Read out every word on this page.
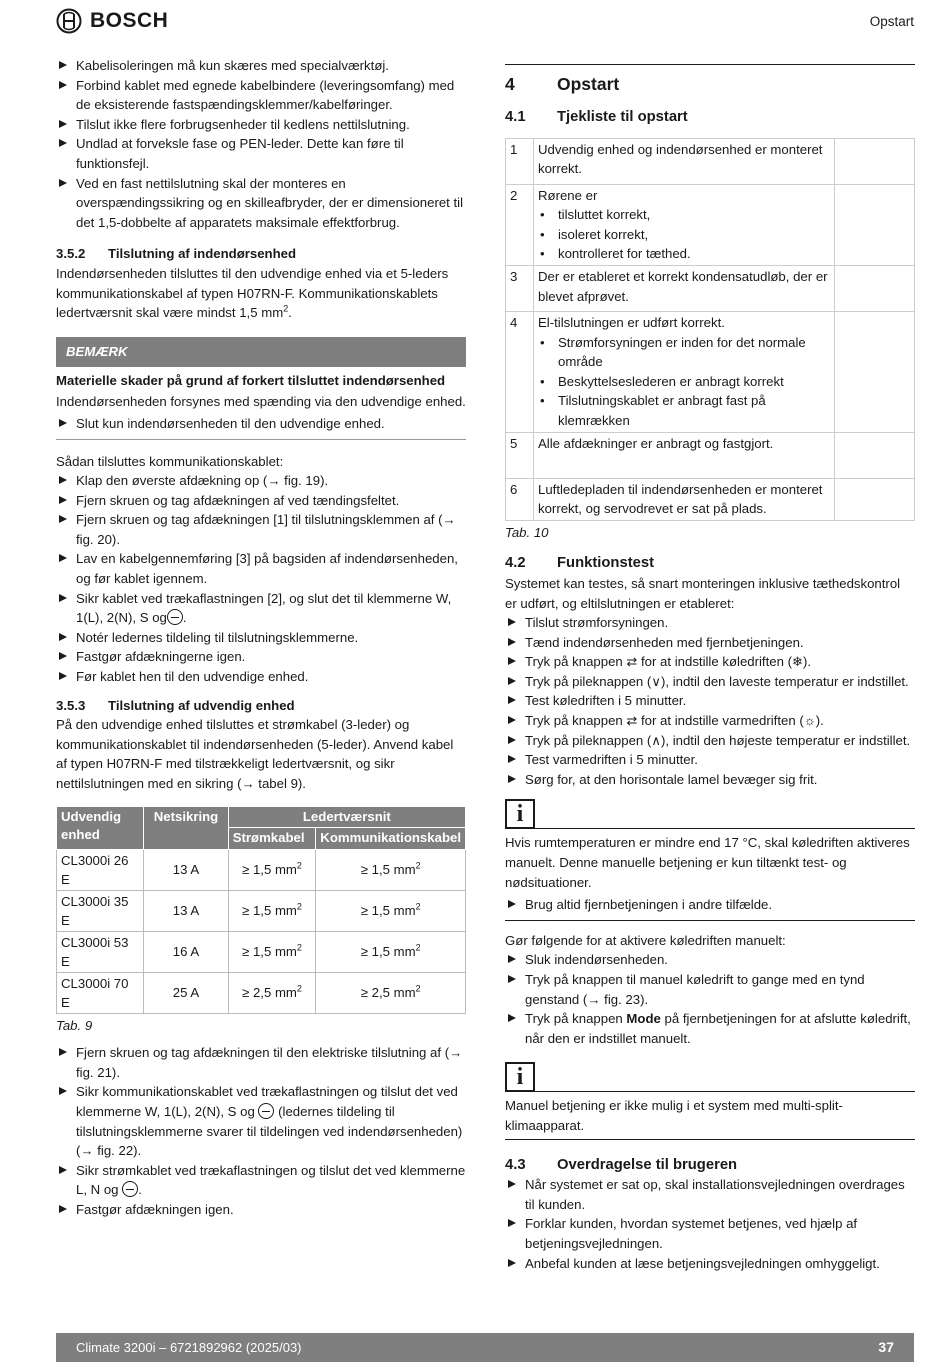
BOSCH	Opstart

Kabelisoleringen må kun skæres med specialværktøj.

Forbind kablet med egnede kabelbindere (leveringsomfang) med de eksisterende fastspændingsklemmer/kabelføringer.

Tilslut ikke flere forbrugsenheder til kedlens nettilslutning.

Undlad at forveksle fase og PEN-leder. Dette kan føre til funktionsfejl.

Ved en fast nettilslutning skal der monteres en overspændingssikring og en skilleafbryder, der er dimensioneret til det 1,5-dobbelte af apparatets maksimale effektforbrug.

3.5.2 Tilslutning af indendørsenhed

Indendørsenheden tilsluttes til den udvendige enhed via et 5-leders kommunikationskabel af typen H07RN-F. Kommunikationskablets ledertværsnit skal være mindst 1,5 $mm^2$.

BEMÆRK

Materielle skader på grund af forkert tilsluttet indendørsenhed

Indendørsenheden forsynes med spænding via den udvendige enhed.

Slut kun indendørsenheden til den udvendige enhed.

Sådan tilsluttes kommunikationskablet:

Klap den øverste afdækning op (→ fig. 19).

Fjern skruen og tag afdækningen af ved tændingsfeltet.

Fjern skruen og tag afdækningen [1] til tilslutningsklemmen af (→ fig. 20).

Lav en kabelgennemføring [3] på bagsiden af indendørsenheden, og før kablet igennem.

Sikr kablet ved trækaflastningen [2], og slut det til klemmerne W, 1(L), 2(N), S og .

Notér ledernes tildeling til tilslutningsklemmerne.

Fastgør afdækningerne igen.

Før kablet hen til den udvendige enhed.

3.5.3 Tilslutning af udvendig enhed

På den udvendige enhed tilsluttes et strømkabel (3-leder) og kommunikationskablet til indendørsenheden (5-leder). Anvend kabel af typen H07RN-F med tilstrækkeligt ledertværsnit, og sikr nettilslutningen med en sikring (→ tabel 9).

Udvendig enhed	Netsikring	Ledertværsnit	
		Strømkabel	Kommunikationskabel
CL3000i 26 E	13 A	≥ 1,5 $mm^2$	≥ 1,5 $mm^2$
CL3000i 35 E	13 A	≥ 1,5 $mm^2$	≥ 1,5 $mm^2$
CL3000i 53 E	16 A	≥ 1,5 $mm^2$	≥ 1,5 $mm^2$
CL3000i 70 E	25 A	≥ 2,5 $mm^2$	≥ 2,5 $mm^2$

Tab. 9

Fjern skruen og tag afdækningen til den elektriske tilslutning af (→ fig. 21).

Sikr kommunikationskablet ved trækaflastningen og tilslut det ved klemmerne W, 1(L), 2(N), S og (ledernes tildeling til tilslutningsklemmerne svarer til tildelingen ved indendørsenheden) (→ fig. 22).

Sikr strømkablet ved trækaflastningen og tilslut det ved klemmerne L, N og .

Fastgør afdækningen igen.

4 Opstart

4.1 Tjekliste til opstart

1	Udvendig enhed og indendørsenhed er monteret korrekt.	
2	Rørene er

• tilsluttet korrekt,

• isoleret korrekt,

• kontrolleret for tæthed.

3	Der er etableret et korrekt kondensatudløb, der er blevet afprøvet.	
4	El-tilslutningen er udført korrekt.

• Strømforsyningen er inden for det normale område

• Beskyttelseslederen er anbragt korrekt

• Tilslutningskablet er anbragt fast på klemrækken

5	Alle afdækninger er anbragt og fastgjort.	
6	Luftledepladen til indendørsenheden er monteret korrekt, og servodrevet er sat på plads.	

Tab. 10

4.2 Funktionstest

Systemet kan testes, så snart monteringen inklusive tæthedskontrol er udført, og eltilslutningen er etableret:

Tilslut strømforsyningen.

Tænd indendørsenheden med fjernbetjeningen.

Tryk på knappen ⇄ for at indstille køledriften (❄).

Tryk på pileknappen (∨), indtil den laveste temperatur er indstillet.

Test køledriften i 5 minutter.

Tryk på knappen ⇄ for at indstille varmedriften (☼).

Tryk på pileknappen (∧), indtil den højeste temperatur er indstillet.

Test varmedriften i 5 minutter.

Sørg for, at den horisontale lamel bevæger sig frit.

i

Hvis rumtemperaturen er mindre end 17 °C, skal køledriften aktiveres manuelt. Denne manuelle betjening er kun tiltænkt test- og nødsituationer.

Brug altid fjernbetjeningen i andre tilfælde.

Gør følgende for at aktivere køledriften manuelt:

Sluk indendørsenheden.

Tryk på knappen til manuel køledrift to gange med en tynd genstand (→ fig. 23).

Tryk på knappen Mode på fjernbetjeningen for at afslutte køledrift, når den er indstillet manuelt.

i

Manuel betjening er ikke mulig i et system med multi-split-klimaapparat.

4.3 Overdragelse til brugeren

Når systemet er sat op, skal installationsvejledningen overdrages til kunden.

Forklar kunden, hvordan systemet betjenes, ved hjælp af betjeningsvejledningen.

Anbefal kunden at læse betjeningsvejledningen omhyggeligt.

Climate 3200i – 6721892962 (2025/03)	37
